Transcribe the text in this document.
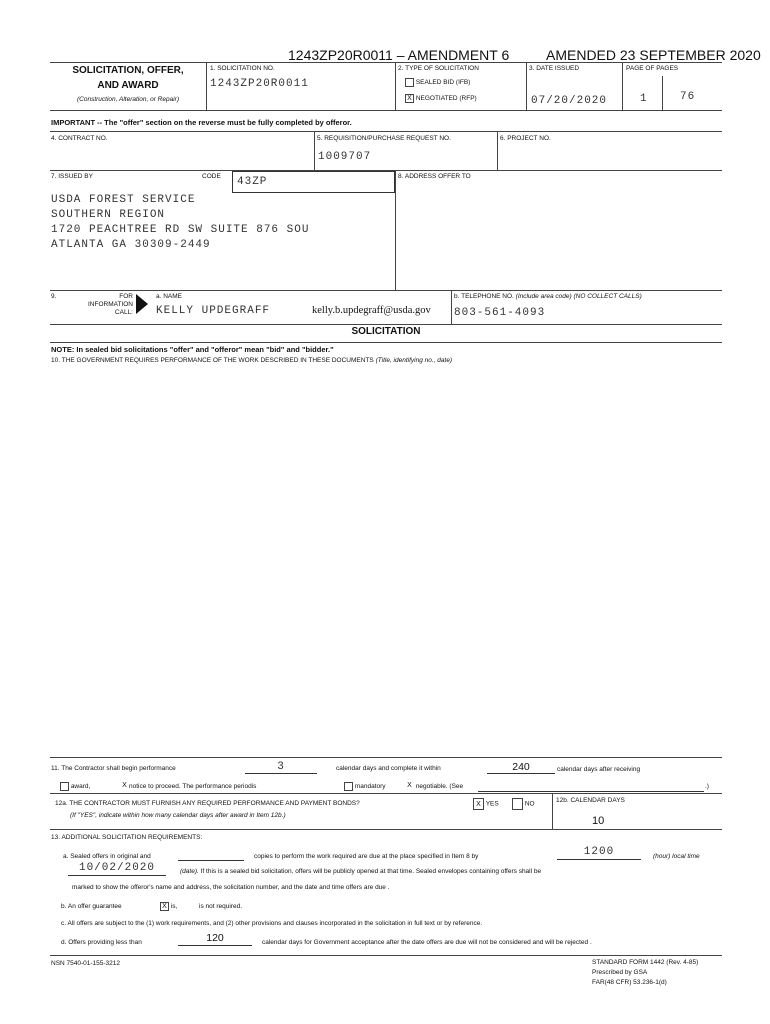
1243ZP20R0011 – AMENDMENT 6	AMENDED 23 SEPTEMBER 2020
SOLICITATION, OFFER,
AND AWARD
(Construction, Alteration, or Repair)
1. SOLICITATION NO.
1243ZP20R0011
2. TYPE OF SOLICITATION
SEALED BID (IFB)
X NEGOTIATED (RFP)
3. DATE ISSUED
07/20/2020
PAGE OF PAGES
1	76
IMPORTANT -- The "offer" section on the reverse must be fully completed by offeror.
4. CONTRACT NO.	5. REQUISITION/PURCHASE REQUEST NO.
1009707
6. PROJECT NO.
7. ISSUED BY	CODE 43ZP
USDA FOREST SERVICE
SOUTHERN REGION
1720 PEACHTREE RD SW SUITE 876 SOU
ATLANTA GA 30309-2449
8. ADDRESS OFFER TO
9.	FOR
INFORMATION
CALL:
a. NAME
KELLY UPDEGRAFF	kelly.b.updegraff@usda.gov
b. TELEPHONE NO. (Include area code) (NO COLLECT CALLS)
803-561-4093
SOLICITATION
NOTE: In sealed bid solicitations "offer" and "offeror" mean "bid" and "bidder."
10. THE GOVERNMENT REQUIRES PERFORMANCE OF THE WORK DESCRIBED IN THESE DOCUMENTS (Title, identifying no., date)
11. The Contractor shall begin performance	3	calendar days and complete it within	240	calendar days after receiving
award,	X notice to proceed. The performance periodis	mandatory	X negotiable. (See	.)
12a. THE CONTRACTOR MUST FURNISH ANY REQUIRED PERFORMANCE AND PAYMENT BONDS?
(If "YES", indicate within how many calendar days after award in Item 12b.)
X YES	NO
12b. CALENDAR DAYS
10
13. ADDITIONAL SOLICITATION REQUIREMENTS:
a. Sealed offers in original and	copies to perform the work required are due at the place specified in Item 8 by	1200	(hour) local time
10/02/2020	(date). If this is a sealed bid solicitation, offers will be publicly opened at that time. Sealed envelopes containing offers shall be
marked to show the offeror's name and address, the solicitation number, and the date and time offers are due .
b. An offer guarantee	X is,	is not required.
c. All offers are subject to the (1) work requirements, and (2) other provisions and clauses incorporated in the solicitation in full text or by reference.
d. Offers providing less than	120	calendar days for Government acceptance after the date offers are due will not be considered and will be rejected .
NSN 7540-01-155-3212	STANDARD FORM 1442 (Rev. 4-85)
Prescribed by GSA
FAR(48 CFR) 53.236-1(d)
